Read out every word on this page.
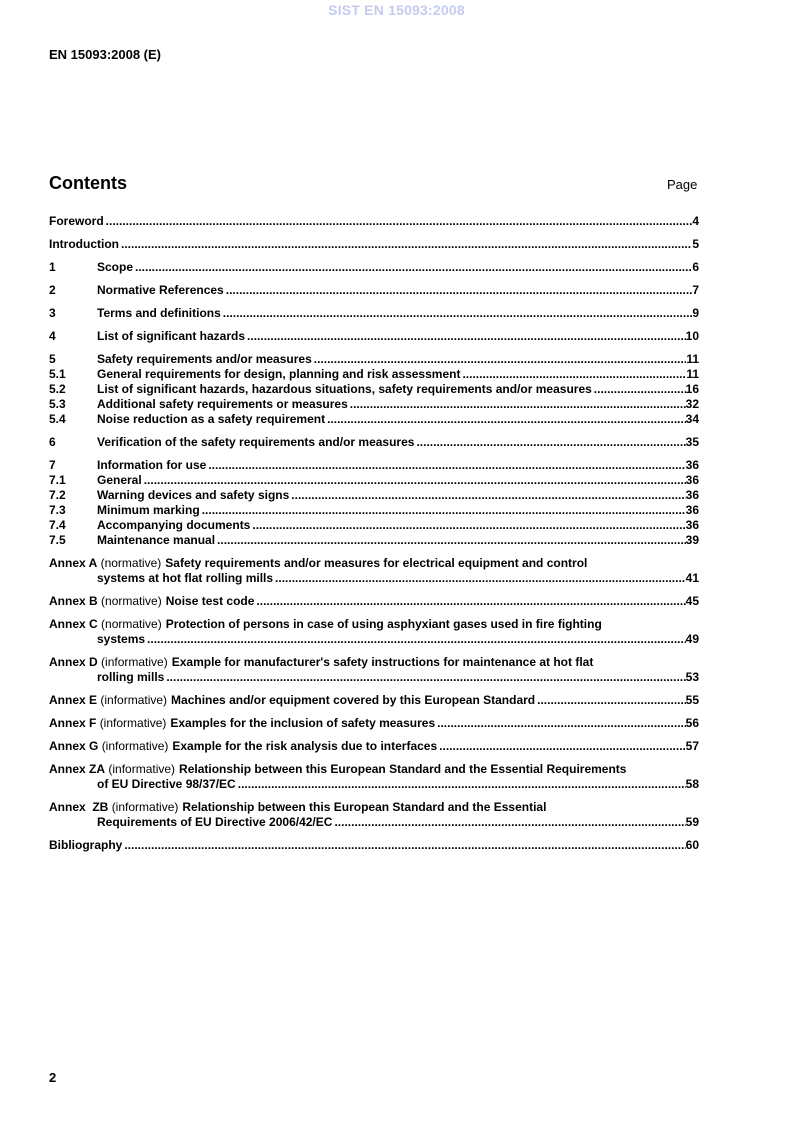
SIST EN 15093:2008
EN 15093:2008 (E)
Contents	Page
Foreword .....	4
Introduction .....	5
1	Scope .....	6
2	Normative References .....	7
3	Terms and definitions .....	9
4	List of significant hazards .....	10
5	Safety requirements and/or measures .....	11
5.1	General requirements for design, planning and risk assessment .....	11
5.2	List of significant hazards, hazardous situations, safety requirements and/or measures .....	16
5.3	Additional safety requirements or measures .....	32
5.4	Noise reduction as a safety requirement .....	34
6	Verification of the safety requirements and/or measures .....	35
7	Information for use .....	36
7.1	General .....	36
7.2	Warning devices and safety signs .....	36
7.3	Minimum marking .....	36
7.4	Accompanying documents .....	36
7.5	Maintenance manual .....	39
Annex A
(normative) Safety requirements and/or measures for electrical equipment and control
systems at hot flat rolling mills .....	41
Annex B
(normative) Noise test code .....	45
Annex C
(normative) Protection of persons in case of using asphyxiant gases used in fire fighting
systems .....	49
Annex D
(informative) Example for manufacturer's safety instructions for maintenance at hot flat
rolling mills .....	53
Annex E
(informative) Machines and/or equipment covered by this European Standard .....	55
Annex F
(informative) Examples for the inclusion of safety measures .....	56
Annex G
(informative) Example for the risk analysis due to interfaces .....	57
Annex ZA
(informative) Relationship between this European Standard and the Essential Requirements
of EU Directive 98/37/EC .....	58
Annex  ZB
(informative) Relationship between this European Standard and the Essential
Requirements of EU Directive 2006/42/EC .....	59
Bibliography .....	60
2
